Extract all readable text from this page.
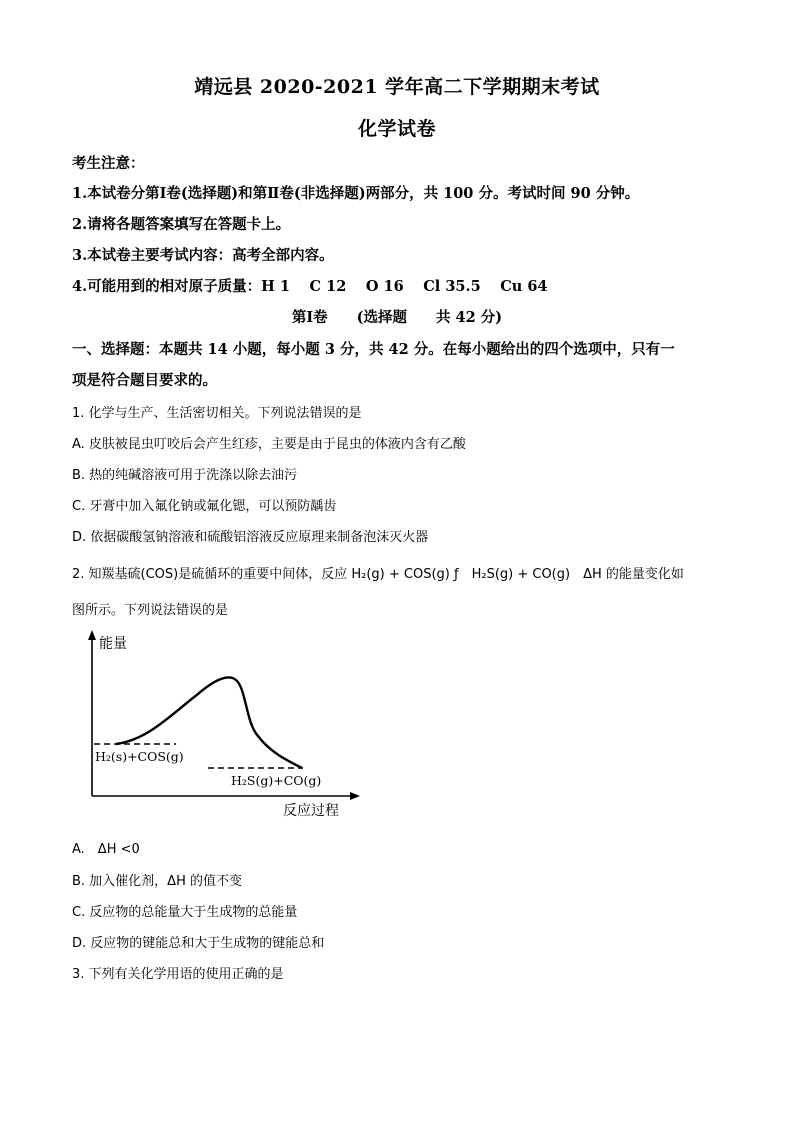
靖远县 2020-2021 学年高二下学期期末考试
化学试卷
考生注意：
1.本试卷分第Ⅰ卷(选择题)和第Ⅱ卷(非选择题)两部分，共 100 分。考试时间 90 分钟。
2.请将各题答案填写在答题卡上。
3.本试卷主要考试内容：高考全部内容。
4.可能用到的相对原子质量：H 1　 C 12　 O 16　 Cl 35.5　 Cu 64
第Ⅰ卷　　(选择题　　共 42 分)
一、选择题：本题共 14 小题，每小题 3 分，共 42 分。在每小题给出的四个选项中，只有一
项是符合题目要求的。
1. 化学与生产、生活密切相关。下列说法错误的是
A. 皮肤被昆虫叮咬后会产生红疹，主要是由于昆虫的体液内含有乙酸
B. 热的纯碱溶液可用于洗涤以除去油污
C. 牙膏中加入氟化钠或氟化锶，可以预防龋齿
D. 依据碳酸氢钠溶液和硫酸铝溶液反应原理来制备泡沫灭火器
2. 知羰基硫(COS)是硫循环的重要中间体，反应 H₂(g) + COS(g) ƒ　H₂S(g) + CO(g)　ΔH 的能量变化如
图所示。下列说法错误的是
能量
H₂(s)+COS(g)
H₂S(g)+CO(g)
反应过程
A.　ΔH <0
B. 加入催化剂，ΔH 的值不变
C. 反应物的总能量大于生成物的总能量
D. 反应物的键能总和大于生成物的键能总和
3. 下列有关化学用语的使用正确的是
